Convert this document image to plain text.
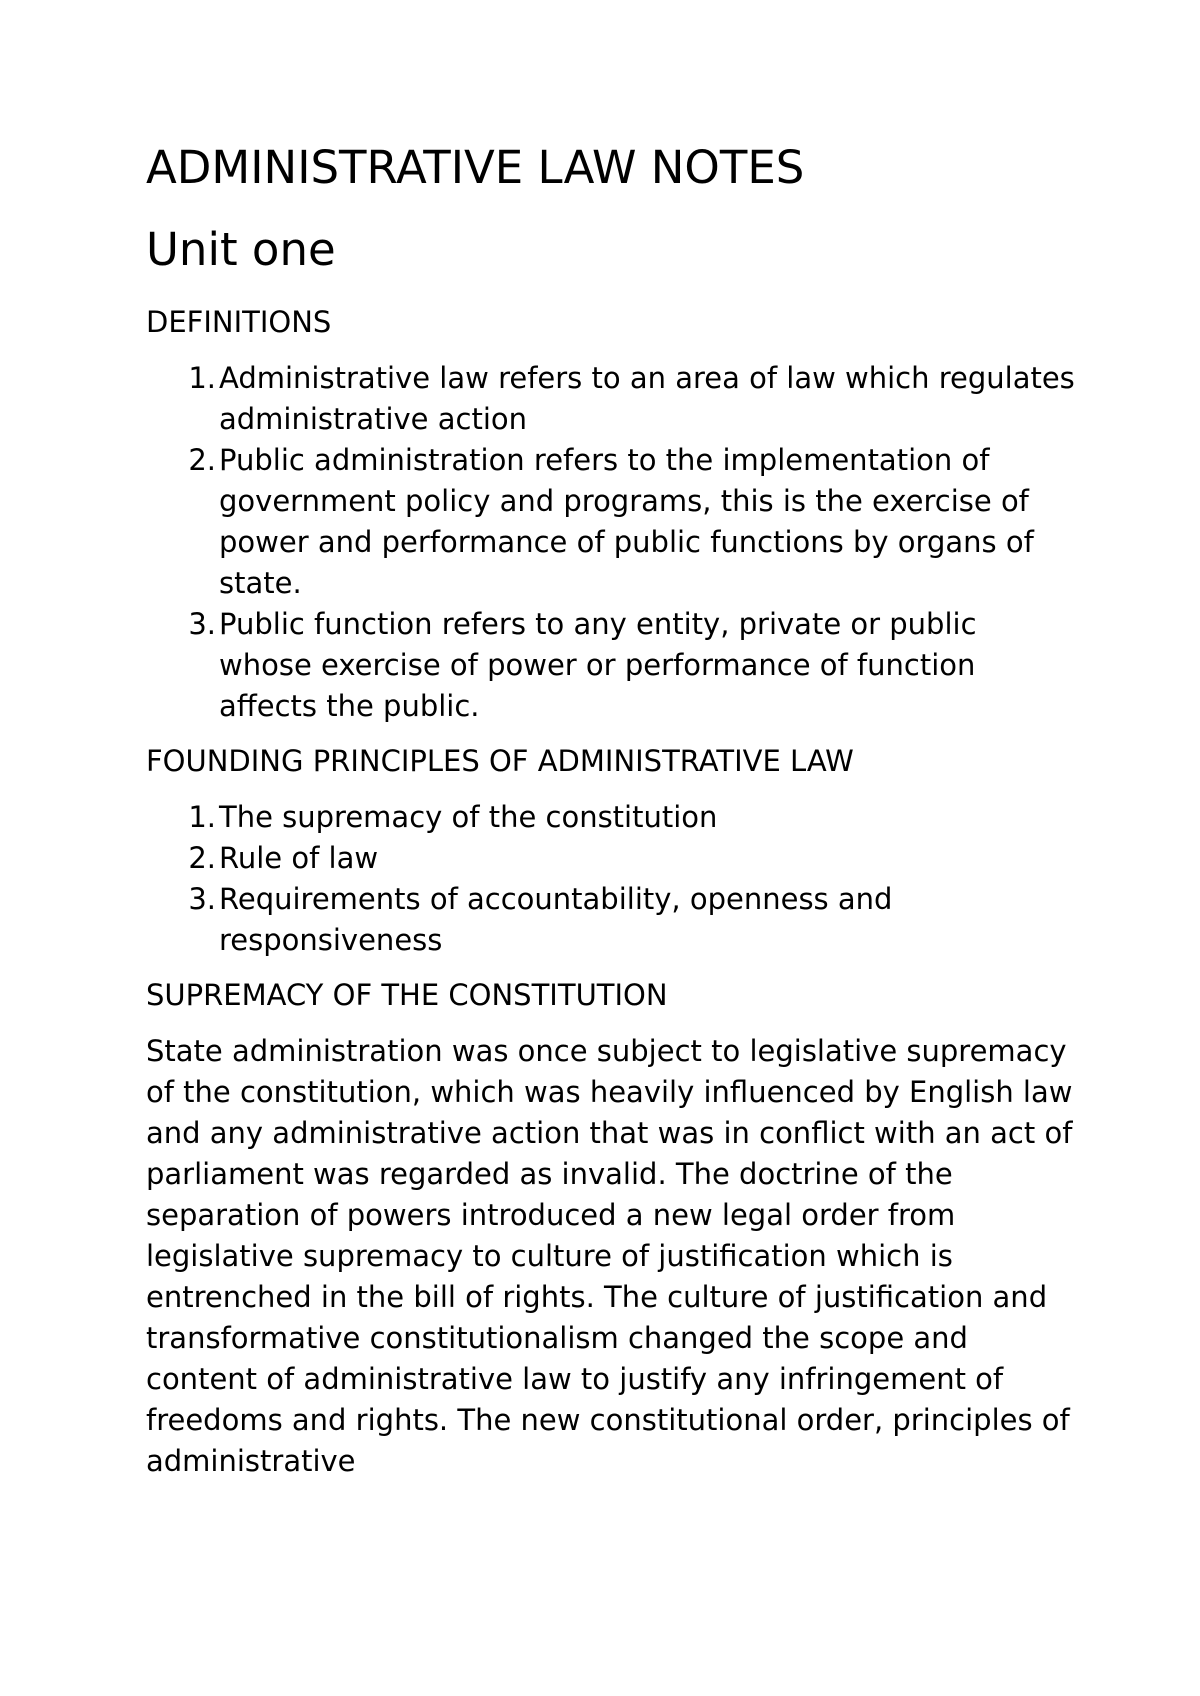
ADMINISTRATIVE LAW NOTES
Unit one

DEFINITIONS

1. Administrative law refers to an area of law which regulates administrative action
2. Public administration refers to the implementation of government policy and programs, this is the exercise of power and performance of public functions by organs of state.
3. Public function refers to any entity, private or public whose exercise of power or performance of function affects the public.

FOUNDING PRINCIPLES OF ADMINISTRATIVE LAW

1. The supremacy of the constitution
2. Rule of law
3. Requirements of accountability, openness and responsiveness

SUPREMACY OF THE CONSTITUTION

State administration was once subject to legislative supremacy of the constitution, which was heavily influenced by English law and any administrative action that was in conflict with an act of parliament was regarded as invalid. The doctrine of the separation of powers introduced a new legal order from legislative supremacy to culture of justification which is entrenched in the bill of rights. The culture of justification and transformative constitutionalism changed the scope and content of administrative law to justify any infringement of freedoms and rights. The new constitutional order, principles of administrative
